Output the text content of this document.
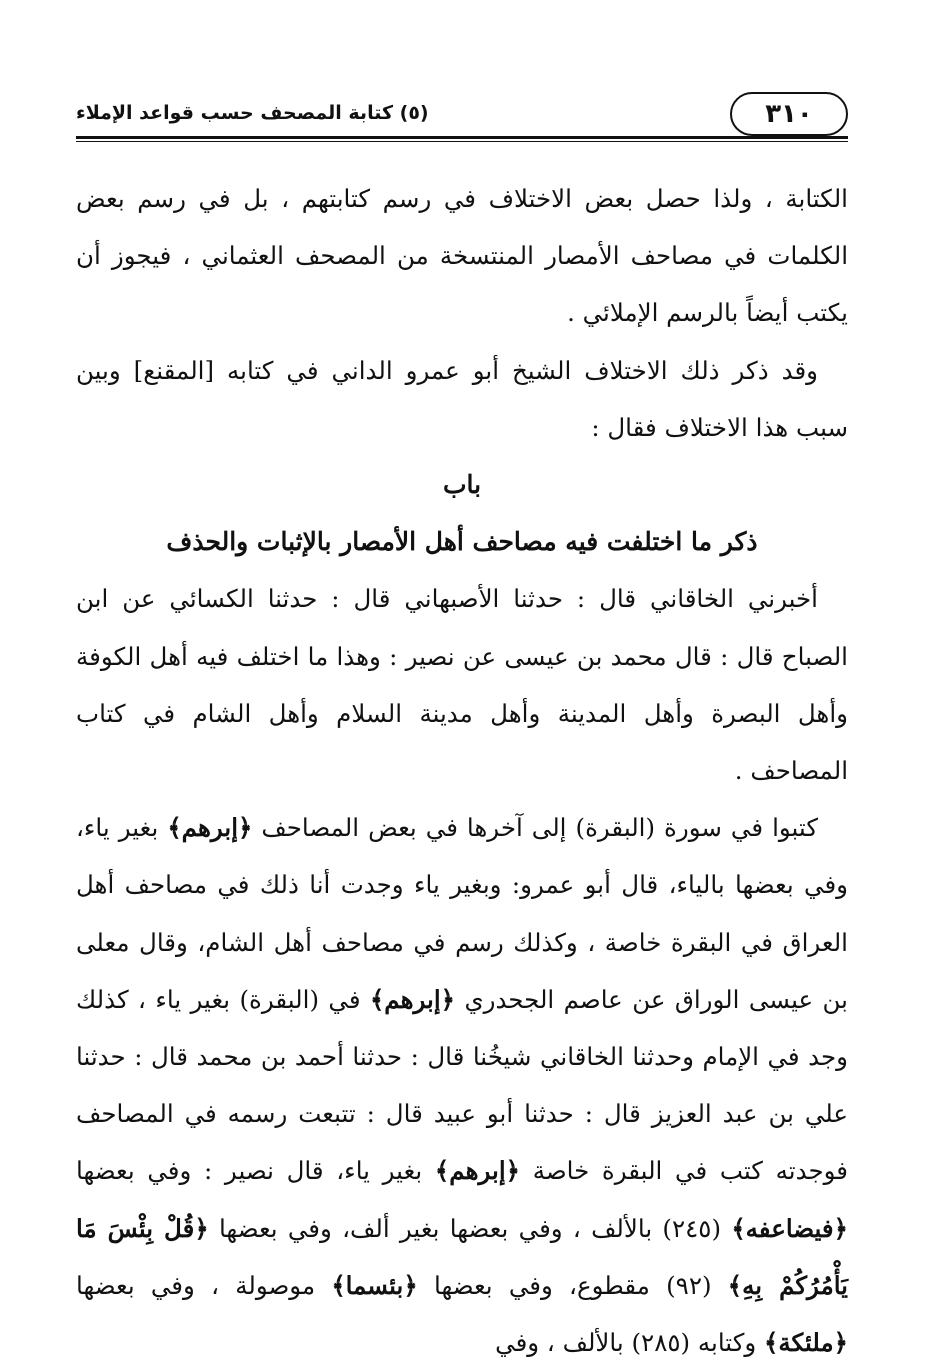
(٥) كتابة المصحف حسب قواعد الإملاء	٣١٠

الكتابة ، ولذا حصل بعض الاختلاف في رسم كتابتهم ، بل في رسم بعض الكلمات في مصاحف الأمصار المنتسخة من المصحف العثماني ، فيجوز أن يكتب أيضاً بالرسم الإملائي .

وقد ذكر ذلك الاختلاف الشيخ أبو عمرو الداني في كتابه [المقنع] وبين سبب هذا الاختلاف فقال :

باب

ذكر ما اختلفت فيه مصاحف أهل الأمصار بالإثبات والحذف

أخبرني الخاقاني قال : حدثنا الأصبهاني قال : حدثنا الكسائي عن ابن الصباح قال : قال محمد بن عيسى عن نصير : وهذا ما اختلف فيه أهل الكوفة وأهل البصرة وأهل المدينة وأهل مدينة السلام وأهل الشام في كتاب المصاحف .

كتبوا في سورة (البقرة) إلى آخرها في بعض المصاحف ﴿إبرهم﴾ بغير ياء، وفي بعضها بالياء، قال أبو عمرو: وبغير ياء وجدت أنا ذلك في مصاحف أهل العراق في البقرة خاصة ، وكذلك رسم في مصاحف أهل الشام، وقال معلى بن عيسى الوراق عن عاصم الجحدري ﴿إبرهم﴾ في (البقرة) بغير ياء ، كذلك وجد في الإمام وحدثنا الخاقاني شيخُنا قال : حدثنا أحمد بن محمد قال : حدثنا علي بن عبد العزيز قال : حدثنا أبو عبيد قال : تتبعت رسمه في المصاحف فوجدته كتب في البقرة خاصة ﴿إبرهم﴾ بغير ياء، قال نصير : وفي بعضها ﴿فيضاعفه﴾ (٢٤٥) بالألف ، وفي بعضها بغير ألف، وفي بعضها ﴿قُلْ بِئْسَ مَا يَأْمُرُكُمْ بِهِ﴾ (٩٢) مقطوع، وفي بعضها ﴿بئسما﴾ موصولة ، وفي بعضها ﴿ملئكة﴾ وكتابه (٢٨٥) بالألف ، وفي
